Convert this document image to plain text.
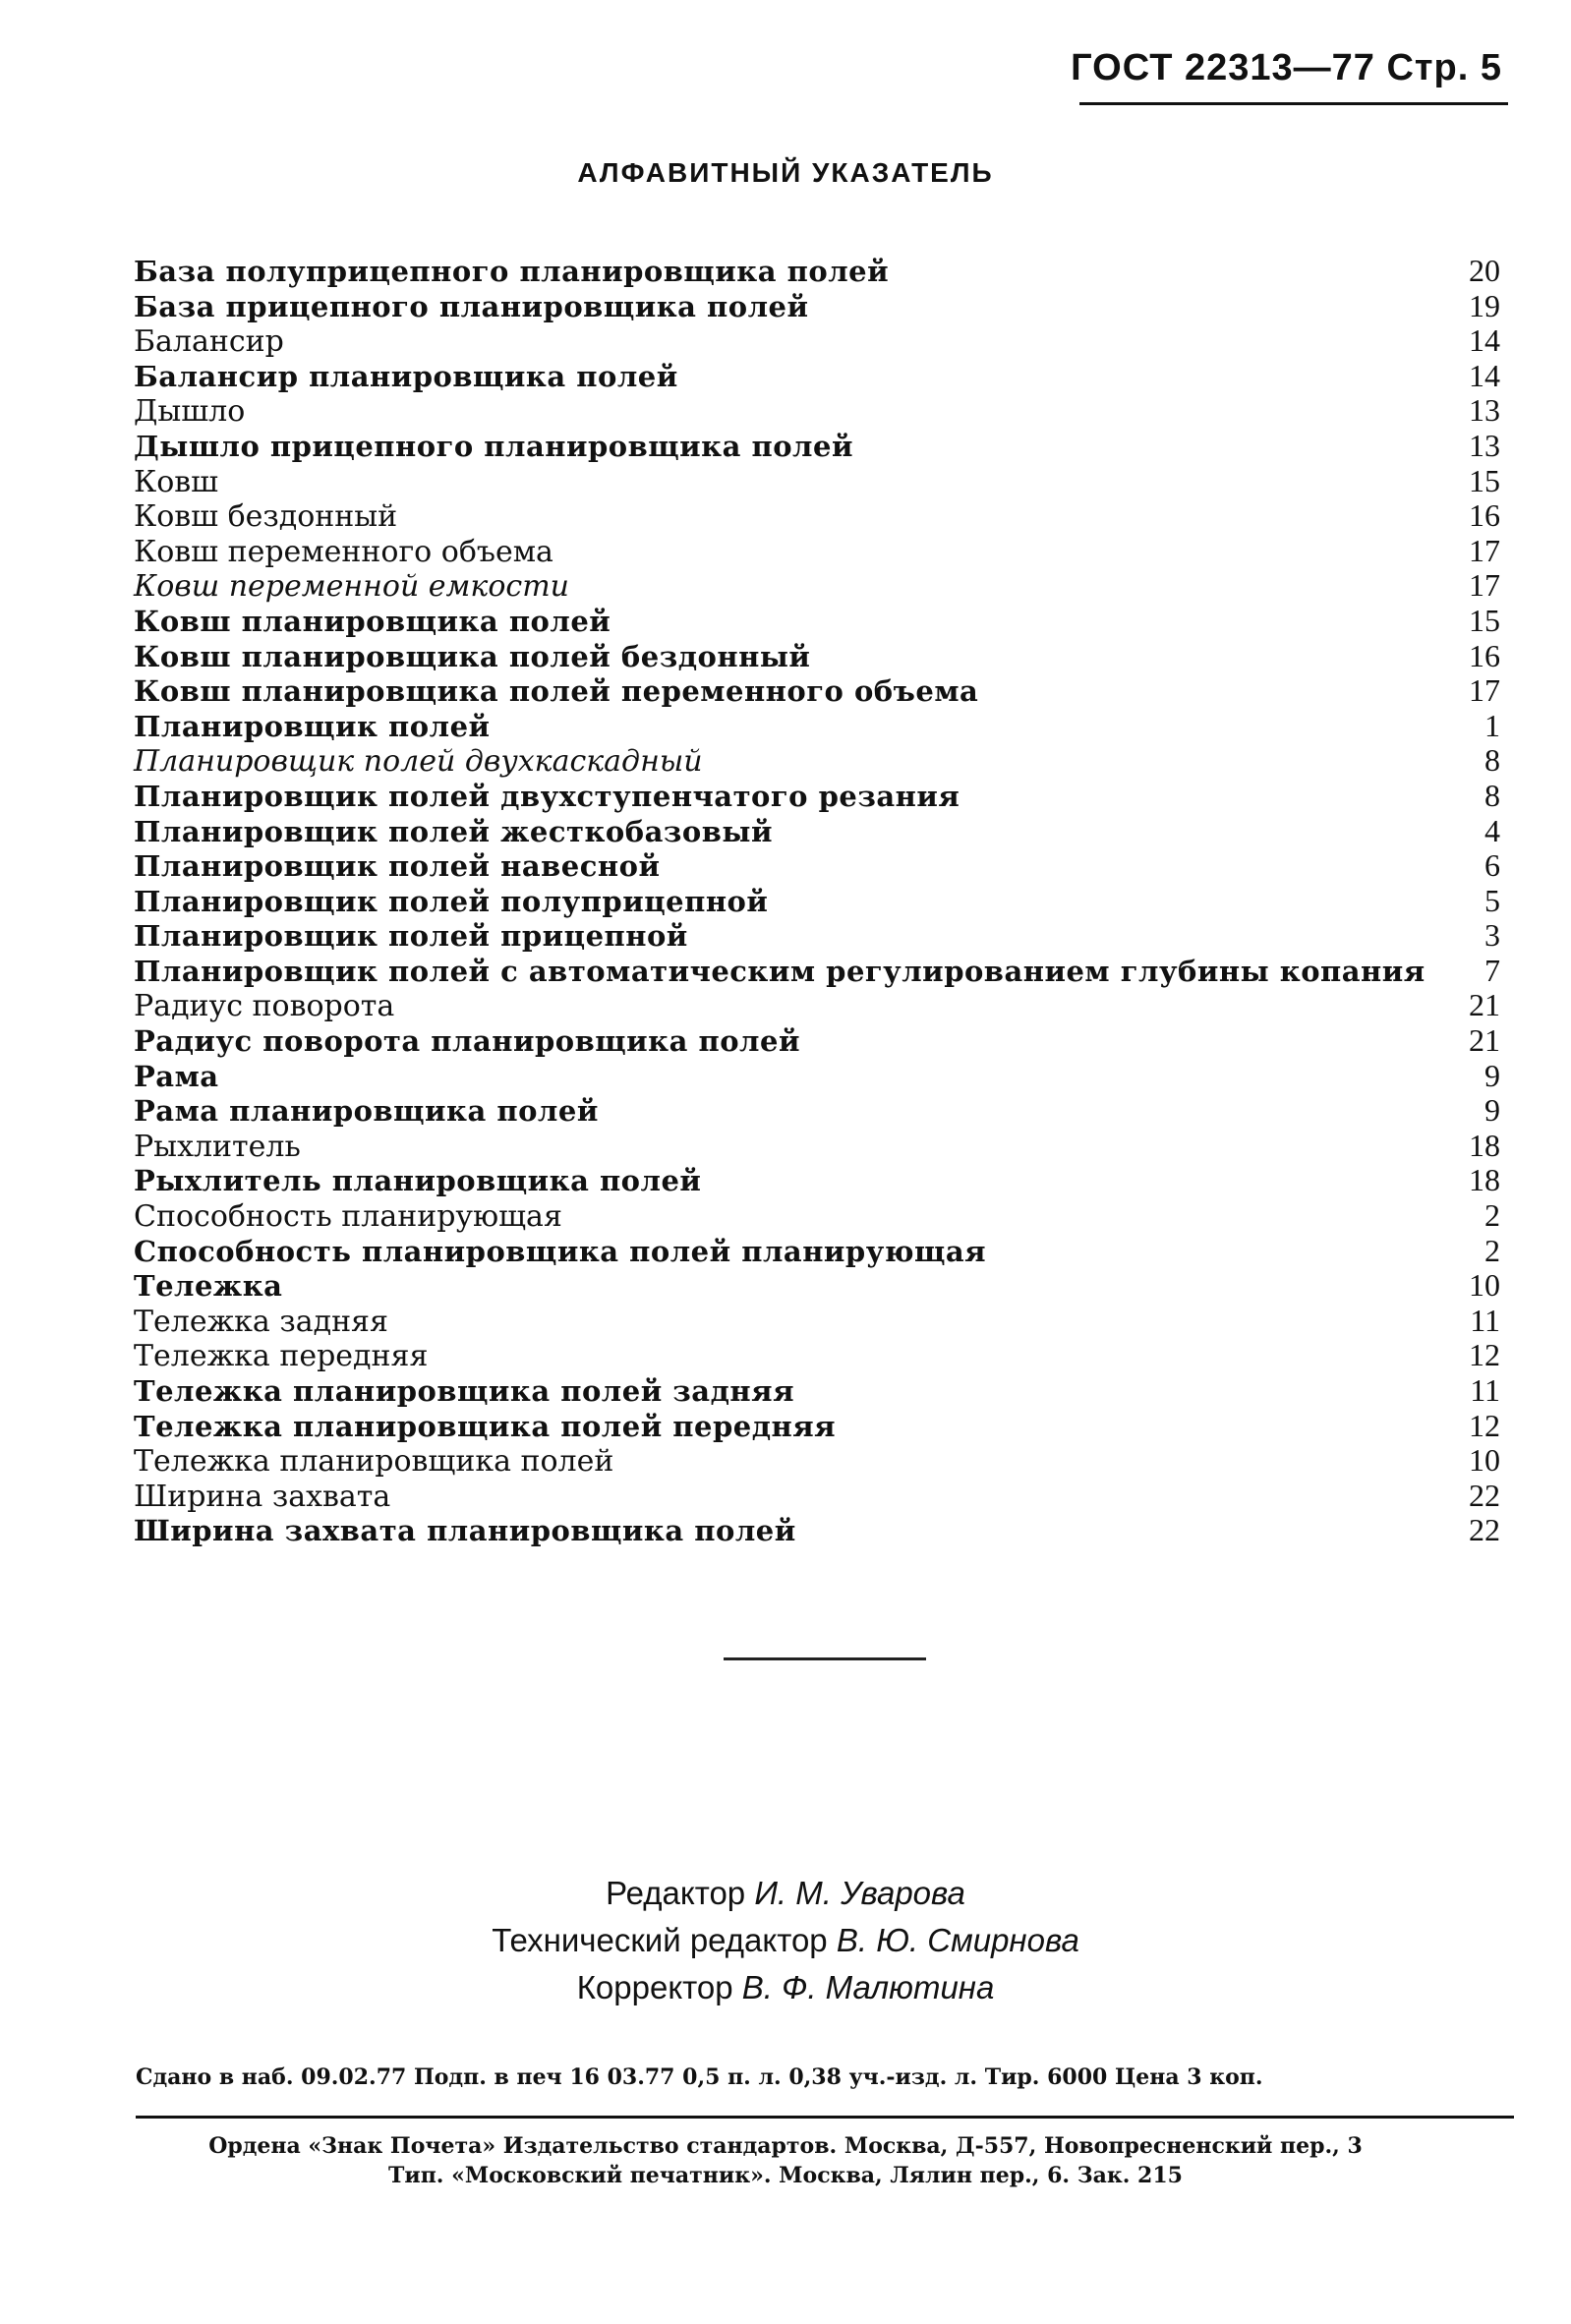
ГОСТ 22313—77 Стр. 5
АЛФАВИТНЫЙ УКАЗАТЕЛЬ
База полуприцепного планировщика полей	20
База прицепного планировщика полей	19
Балансир	14
Балансир планировщика полей	14
Дышло	13
Дышло прицепного планировщика полей	13
Ковш	15
Ковш бездонный	16
Ковш переменного объема	17
Ковш переменной емкости	17
Ковш планировщика полей	15
Ковш планировщика полей бездонный	16
Ковш планировщика полей переменного объема	17
Планировщик полей	1
Планировщик полей двухкаскадный	8
Планировщик полей двухступенчатого резания	8
Планировщик полей жесткобазовый	4
Планировщик полей навесной	6
Планировщик полей полуприцепной	5
Планировщик полей прицепной	3
Планировщик полей с автоматическим регулированием глубины копания	7
Радиус поворота	21
Радиус поворота планировщика полей	21
Рама	9
Рама планировщика полей	9
Рыхлитель	18
Рыхлитель планировщика полей	18
Способность планирующая	2
Способность планировщика полей планирующая	2
Тележка	10
Тележка задняя	11
Тележка передняя	12
Тележка планировщика полей задняя	11
Тележка планировщика полей передняя	12
Тележка планировщика полей	10
Ширина захвата	22
Ширина захвата планировщика полей	22
Редактор И. М. Уварова
Технический редактор В. Ю. Смирнова
Корректор В. Ф. Малютина
Сдано в наб. 09.02.77 Подп. в печ 16 03.77 0,5 п. л. 0,38 уч.-изд. л. Тир. 6000 Цена 3 коп.
Ордена «Знак Почета» Издательство стандартов. Москва, Д-557, Новопресненский пер., 3
Тип. «Московский печатник». Москва, Лялин пер., 6. Зак. 215
